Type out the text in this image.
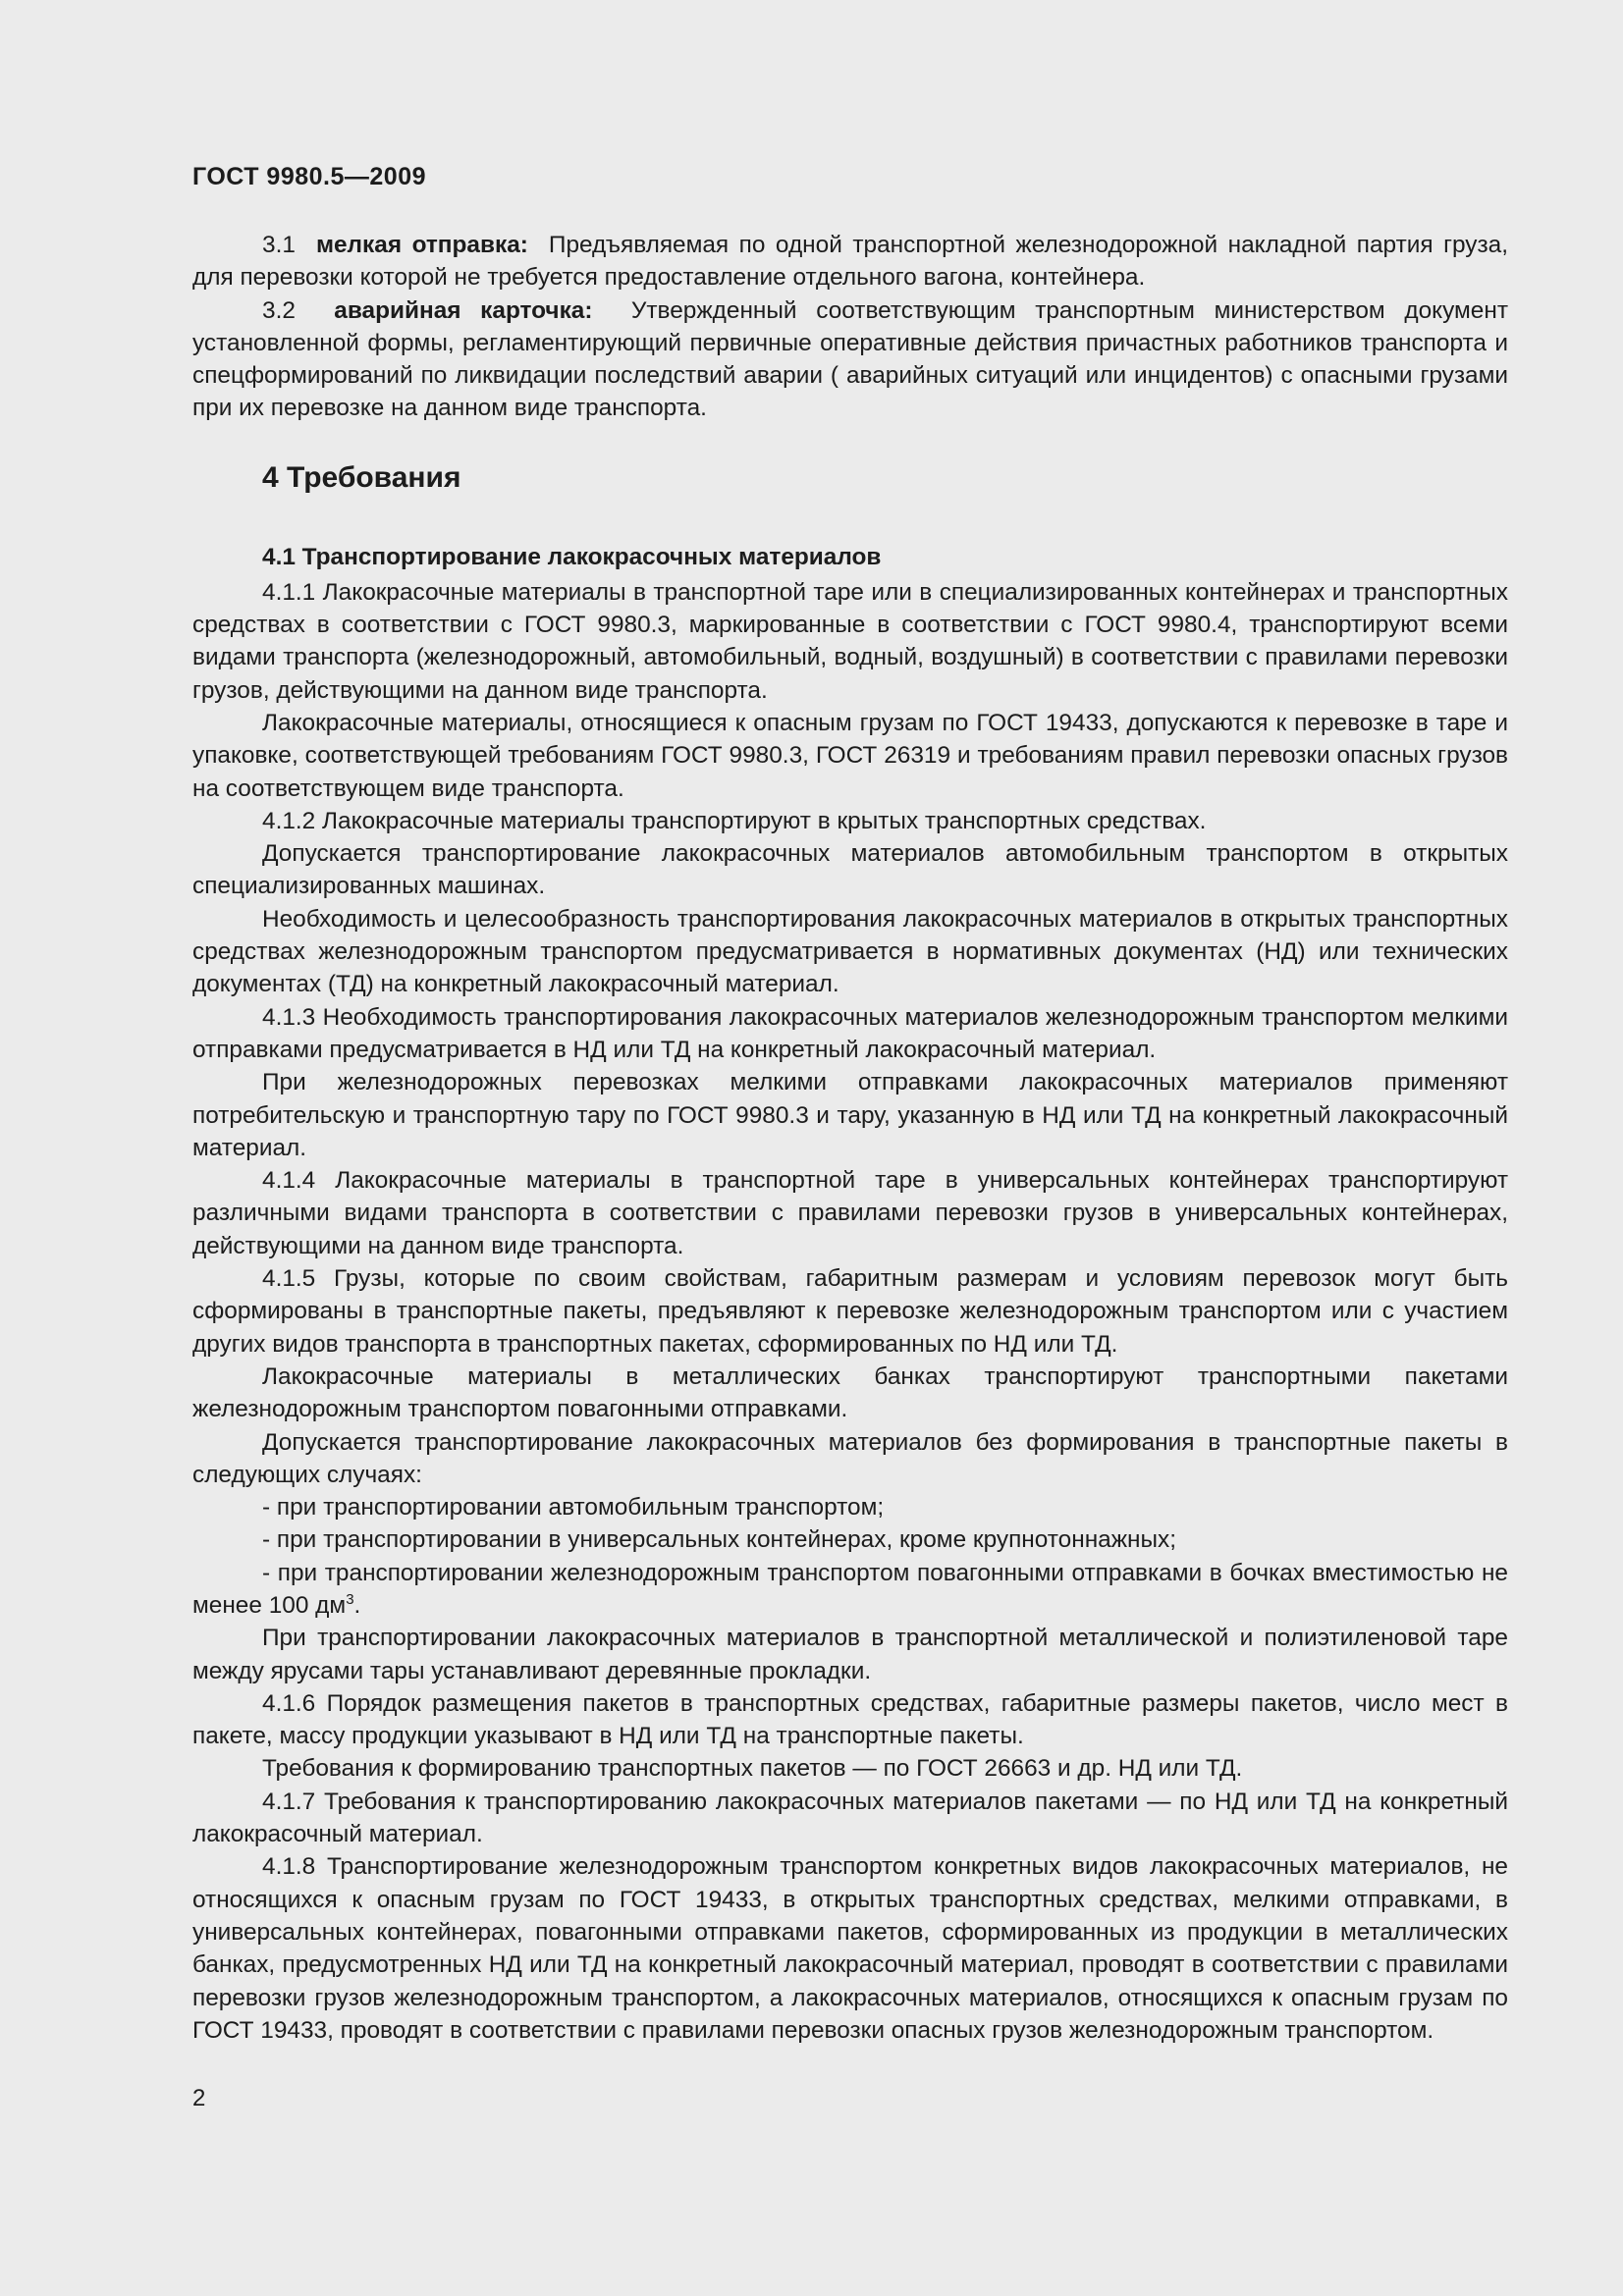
ГОСТ 9980.5—2009

3.1 мелкая отправка: Предъявляемая по одной транспортной железнодорожной накладной партия груза, для перевозки которой не требуется предоставление отдельного вагона, контейнера.

3.2 аварийная карточка: Утвержденный соответствующим транспортным министерством документ установленной формы, регламентирующий первичные оперативные действия причастных работников транспорта и спецформирований по ликвидации последствий аварии ( аварийных ситуаций или инцидентов) с опасными грузами при их перевозке на данном виде транспорта.

4 Требования
4.1 Транспортирование лакокрасочных материалов

4.1.1 Лакокрасочные материалы в транспортной таре или в специализированных контейнерах и транспортных средствах в соответствии с ГОСТ 9980.3, маркированные в соответствии с ГОСТ 9980.4, транспортируют всеми видами транспорта (железнодорожный, автомобильный, водный, воздушный) в соответствии с правилами перевозки грузов, действующими на данном виде транспорта.

Лакокрасочные материалы, относящиеся к опасным грузам по ГОСТ 19433, допускаются к перевозке в таре и упаковке, соответствующей требованиям ГОСТ 9980.3, ГОСТ 26319 и требованиям правил перевозки опасных грузов на соответствующем виде транспорта.

4.1.2 Лакокрасочные материалы транспортируют в крытых транспортных средствах.

Допускается транспортирование лакокрасочных материалов автомобильным транспортом в открытых специализированных машинах.

Необходимость и целесообразность транспортирования лакокрасочных материалов в открытых транспортных средствах железнодорожным транспортом предусматривается в нормативных документах (НД) или технических документах (ТД) на конкретный лакокрасочный материал.

4.1.3 Необходимость транспортирования лакокрасочных материалов железнодорожным транспортом мелкими отправками предусматривается в НД или ТД на конкретный лакокрасочный материал.

При железнодорожных перевозках мелкими отправками лакокрасочных материалов применяют потребительскую и транспортную тару по ГОСТ 9980.3 и тару, указанную в НД или ТД на конкретный лакокрасочный материал.

4.1.4 Лакокрасочные материалы в транспортной таре в универсальных контейнерах транспортируют различными видами транспорта в соответствии с правилами перевозки грузов в универсальных контейнерах, действующими на данном виде транспорта.

4.1.5 Грузы, которые по своим свойствам, габаритным размерам и условиям перевозок могут быть сформированы в транспортные пакеты, предъявляют к перевозке железнодорожным транспортом или с участием других видов транспорта в транспортных пакетах, сформированных по НД или ТД.

Лакокрасочные материалы в металлических банках транспортируют транспортными пакетами железнодорожным транспортом повагонными отправками.

Допускается транспортирование лакокрасочных материалов без формирования в транспортные пакеты в следующих случаях:

- при транспортировании автомобильным транспортом;

- при транспортировании в универсальных контейнерах, кроме крупнотоннажных;

- при транспортировании железнодорожным транспортом повагонными отправками в бочках вместимостью не менее 100 $дм^3$.

При транспортировании лакокрасочных материалов в транспортной металлической и полиэтиленовой таре между ярусами тары устанавливают деревянные прокладки.

4.1.6 Порядок размещения пакетов в транспортных средствах, габаритные размеры пакетов, число мест в пакете, массу продукции указывают в НД или ТД на транспортные пакеты.

Требования к формированию транспортных пакетов — по ГОСТ 26663 и др. НД или ТД.

4.1.7 Требования к транспортированию лакокрасочных материалов пакетами — по НД или ТД на конкретный лакокрасочный материал.

4.1.8 Транспортирование железнодорожным транспортом конкретных видов лакокрасочных материалов, не относящихся к опасным грузам по ГОСТ 19433, в открытых транспортных средствах, мелкими отправками, в универсальных контейнерах, повагонными отправками пакетов, сформированных из продукции в металлических банках, предусмотренных НД или ТД на конкретный лакокрасочный материал, проводят в соответствии с правилами перевозки грузов железнодорожным транспортом, а лакокрасочных материалов, относящихся к опасным грузам по ГОСТ 19433, проводят в соответствии с правилами перевозки опасных грузов железнодорожным транспортом.

2
